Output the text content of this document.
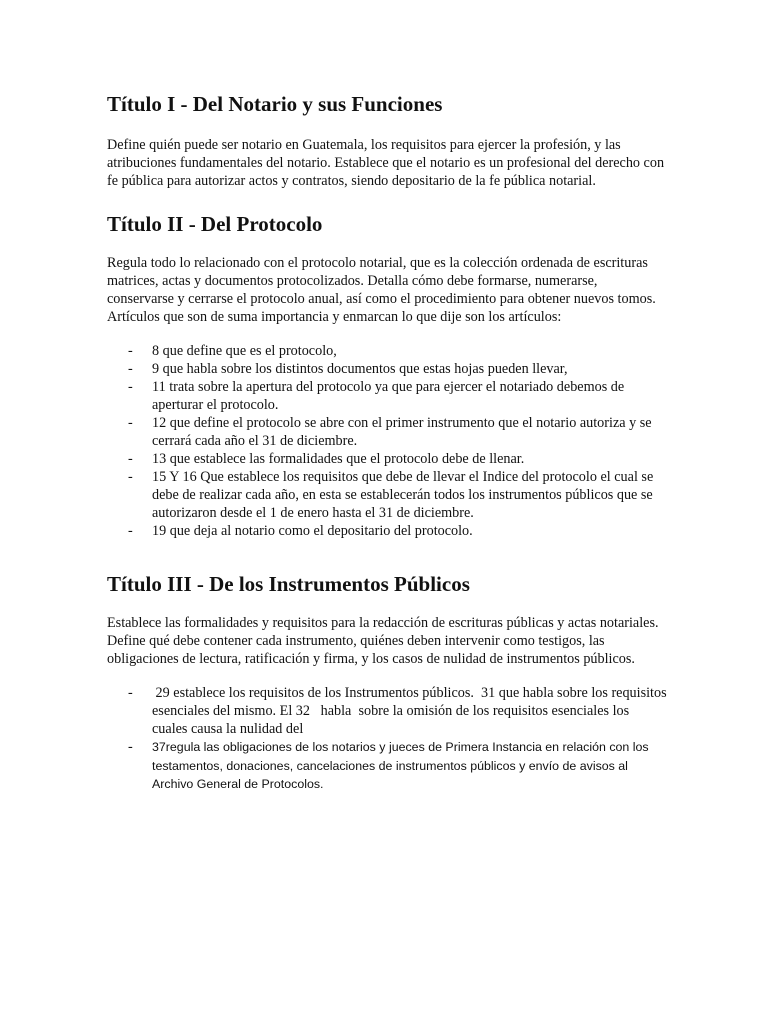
Título I - Del Notario y sus Funciones

Define quién puede ser notario en Guatemala, los requisitos para ejercer la profesión, y las atribuciones fundamentales del notario. Establece que el notario es un profesional del derecho con fe pública para autorizar actos y contratos, siendo depositario de la fe pública notarial.

Título II - Del Protocolo

Regula todo lo relacionado con el protocolo notarial, que es la colección ordenada de escrituras matrices, actas y documentos protocolizados. Detalla cómo debe formarse, numerarse, conservarse y cerrarse el protocolo anual, así como el procedimiento para obtener nuevos tomos. Artículos que son de suma importancia y enmarcan lo que dije son los artículos:

- 8 que define que es el protocolo,
- 9 que habla sobre los distintos documentos que estas hojas pueden llevar,
- 11 trata sobre la apertura del protocolo ya que para ejercer el notariado debemos de aperturar el protocolo.
- 12 que define el protocolo se abre con el primer instrumento que el notario autoriza y se cerrará cada año el 31 de diciembre.
- 13 que establece las formalidades que el protocolo debe de llenar.
- 15 Y 16 Que establece los requisitos que debe de llevar el Indice del protocolo el cual se debe de realizar cada año, en esta se establecerán todos los instrumentos públicos que se autorizaron desde el 1 de enero hasta el 31 de diciembre.
- 19 que deja al notario como el depositario del protocolo.
Título III - De los Instrumentos Públicos

Establece las formalidades y requisitos para la redacción de escrituras públicas y actas notariales. Define qué debe contener cada instrumento, quiénes deben intervenir como testigos, las obligaciones de lectura, ratificación y firma, y los casos de nulidad de instrumentos públicos.

- 29 establece los requisitos de los Instrumentos públicos.  31 que habla sobre los requisitos esenciales del mismo. El 32   habla  sobre la omisión de los requisitos esenciales los cuales causa la nulidad del
- 37regula las obligaciones de los notarios y jueces de Primera Instancia en relación con los testamentos, donaciones, cancelaciones de instrumentos públicos y envío de avisos al Archivo General de Protocolos.
